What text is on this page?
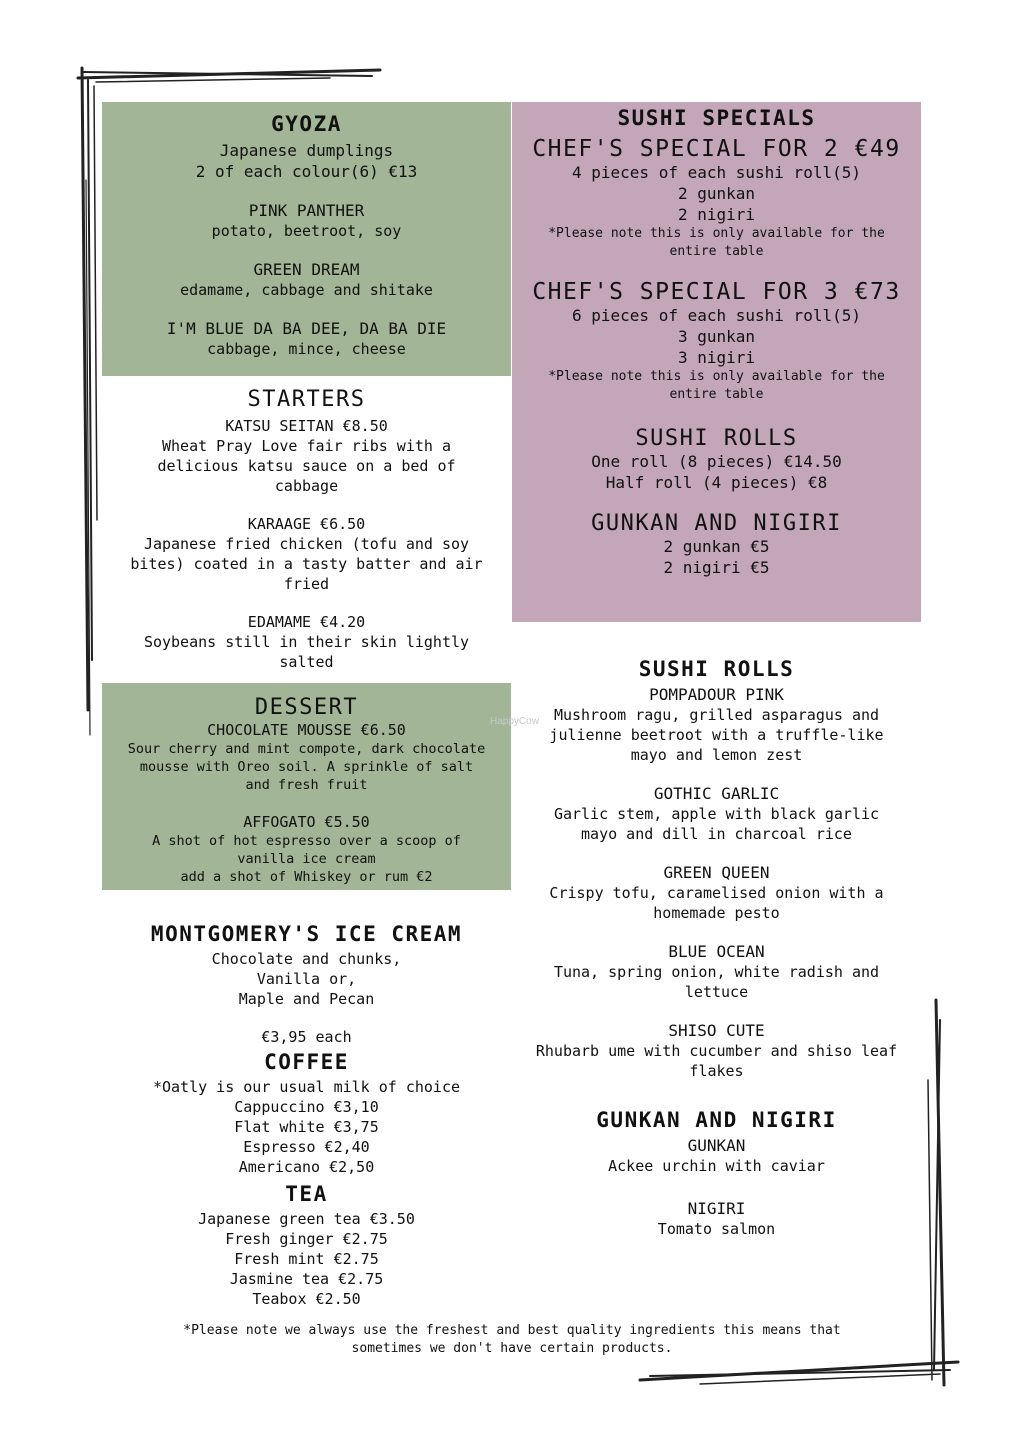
GYOZA
Japanese dumplings
2 of each colour(6) €13
PINK PANTHER
potato, beetroot, soy
GREEN DREAM
edamame, cabbage and shitake
I'M BLUE DA BA DEE, DA BA DIE
cabbage, mince, cheese
STARTERS
KATSU SEITAN €8.50
Wheat Pray Love fair ribs with a
delicious katsu sauce on a bed of
cabbage
KARAAGE €6.50
Japanese fried chicken (tofu and soy
bites) coated in a tasty batter and air
fried
EDAMAME €4.20
Soybeans still in their skin lightly
salted
DESSERT
CHOCOLATE MOUSSE €6.50
Sour cherry and mint compote, dark chocolate
mousse with Oreo soil. A sprinkle of salt
and fresh fruit
AFFOGATO €5.50
A shot of hot espresso over a scoop of
vanilla ice cream
add a shot of Whiskey or rum €2
MONTGOMERY'S ICE CREAM
Chocolate and chunks,
Vanilla or,
Maple and Pecan
€3,95 each
COFFEE
*Oatly is our usual milk of choice
Cappuccino €3,10
Flat white €3,75
Espresso €2,40
Americano €2,50
TEA
Japanese green tea €3.50
Fresh ginger €2.75
Fresh mint €2.75
Jasmine tea €2.75
Teabox €2.50
SUSHI SPECIALS
CHEF'S SPECIAL FOR 2 €49
4 pieces of each sushi roll(5)
2 gunkan
2 nigiri
*Please note this is only available for the
entire table
CHEF'S SPECIAL FOR 3 €73
6 pieces of each sushi roll(5)
3 gunkan
3 nigiri
*Please note this is only available for the
entire table
SUSHI ROLLS
One roll (8 pieces) €14.50
Half roll (4 pieces) €8
GUNKAN AND NIGIRI
2 gunkan €5
2 nigiri €5
SUSHI ROLLS
POMPADOUR PINK
Mushroom ragu, grilled asparagus and
julienne beetroot with a truffle-like
mayo and lemon zest
GOTHIC GARLIC
Garlic stem, apple with black garlic
mayo and dill in charcoal rice
GREEN QUEEN
Crispy tofu, caramelised onion with a
homemade pesto
BLUE OCEAN
Tuna, spring onion, white radish and
lettuce
SHISO CUTE
Rhubarb ume with cucumber and shiso leaf
flakes
GUNKAN AND NIGIRI
GUNKAN
Ackee urchin with caviar
NIGIRI
Tomato salmon
HappyCow
*Please note we always use the freshest and best quality ingredients this means that
sometimes we don't have certain products.
